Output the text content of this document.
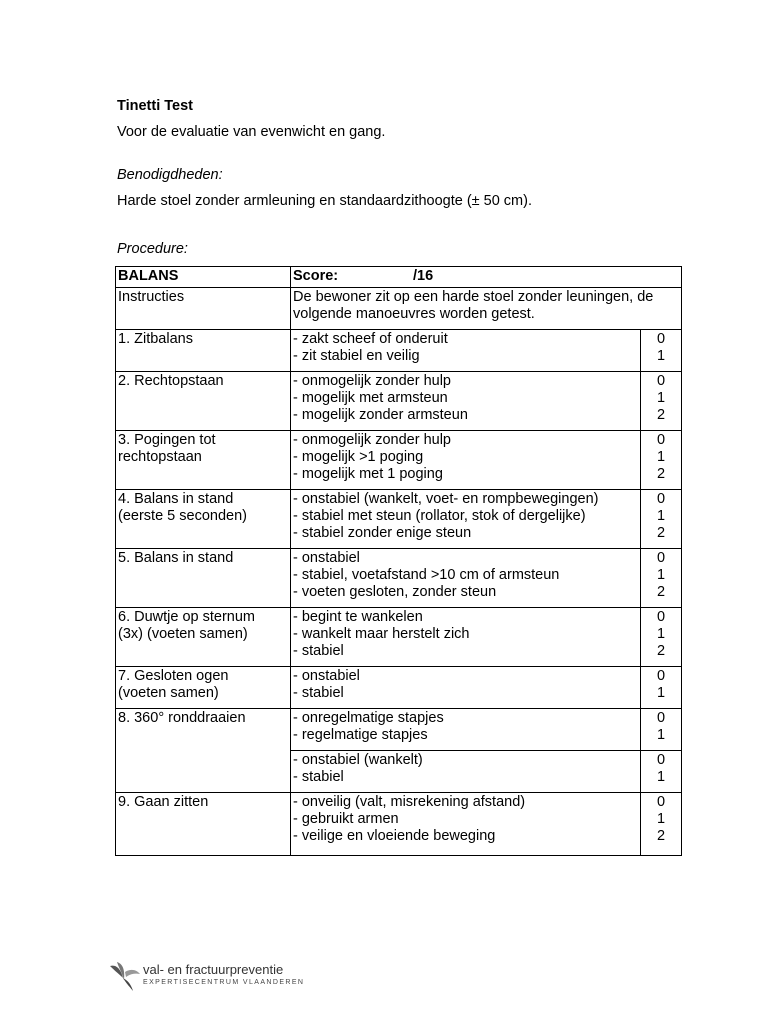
Tinetti Test
Voor de evaluatie van evenwicht en gang.
Benodigdheden:
Harde stoel zonder armleuning en standaardzithoogte (± 50 cm).
Procedure:
BALANS	Score: /16	
Instructies	De bewoner zit op een harde stoel zonder leuningen, de
volgende manoeuvres worden getest.	

1. Zitbalans	- zakt scheef of onderuit
- zit stabiel en veilig	0
1

2. Rechtopstaan	- onmogelijk zonder hulp
- mogelijk met armsteun
- mogelijk zonder armsteun	0
1
2

3. Pogingen tot
rechtopstaan	- onmogelijk zonder hulp
- mogelijk >1 poging
- mogelijk met 1 poging	0
1
2

4. Balans in stand
(eerste 5 seconden)	- onstabiel (wankelt, voet- en rompbewegingen)
- stabiel met steun (rollator, stok of dergelijke)
- stabiel zonder enige steun	0
1
2

5. Balans in stand	- onstabiel
- stabiel, voetafstand >10 cm of armsteun
- voeten gesloten, zonder steun	0
1
2

6. Duwtje op sternum
(3x) (voeten samen)	- begint te wankelen
- wankelt maar herstelt zich
- stabiel	0
1
2

7. Gesloten ogen
(voeten samen)	- onstabiel
- stabiel	0
1

8. 360° ronddraaien	- onregelmatige stapjes
- regelmatige stapjes	0
1

	- onstabiel (wankelt)
- stabiel	0
1

9. Gaan zitten	- onveilig (valt, misrekening afstand)
- gebruikt armen
- veilige en vloeiende beweging	0
1
2
val- en fractuurpreventie
EXPERTISECENTRUM VLAANDEREN
